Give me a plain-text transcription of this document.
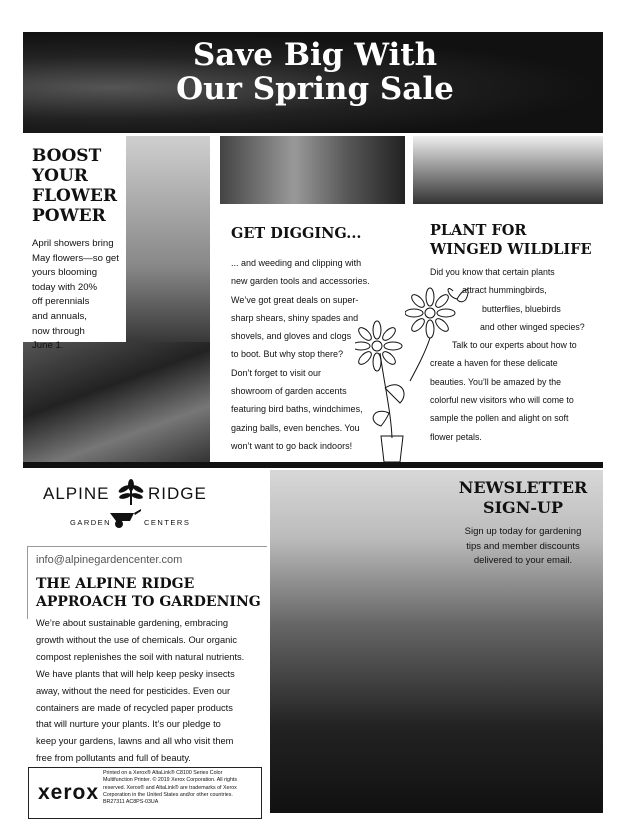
Save Big With
Our Spring Sale
BOOST
YOUR
FLOWER
POWER
April showers bring
May flowers—so get
yours blooming
today with 20%
off perennials
and annuals,
now through
June 1.
GET DIGGING...
... and weeding and clipping with
new garden tools and accessories.
We’ve got great deals on super-
sharp shears, shiny spades and
shovels, and gloves and clogs
to boot. But why stop there?
Don’t forget to visit our
showroom of garden accents
featuring bird baths, windchimes,
gazing balls, even benches. You
won’t want to go back indoors!
PLANT FOR
WINGED WILDLIFE
Did you know that certain plants
attract hummingbirds,
butterflies, bluebirds
and other winged species?
Talk to our experts about how to
create a haven for these delicate
beauties. You’ll be amazed by the
colorful new visitors who will come to
sample the pollen and alight on soft
flower petals.
ALPINE RIDGE
GARDEN	CENTERS
info@alpinegardencenter.com
THE ALPINE RIDGE
APPROACH TO GARDENING
We’re about sustainable gardening, embracing
growth without the use of chemicals. Our organic
compost replenishes the soil with natural nutrients.
We have plants that will help keep pesky insects
away, without the need for pesticides. Even our
containers are made of recycled paper products
that will nurture your plants. It’s our pledge to
keep your gardens, lawns and all who visit them
free from pollutants and full of beauty.
NEWSLETTER
SIGN-UP
Sign up today for gardening
tips and member discounts
delivered to your email.
xerox
Printed on a Xerox® AltaLink® C8100 Series Color
Multifunction Printer. © 2019 Xerox Corporation. All rights
reserved. Xerox® and AltaLink® are trademarks of Xerox
Corporation in the United States and/or other countries.
BR27311 AC8PS-03UA
